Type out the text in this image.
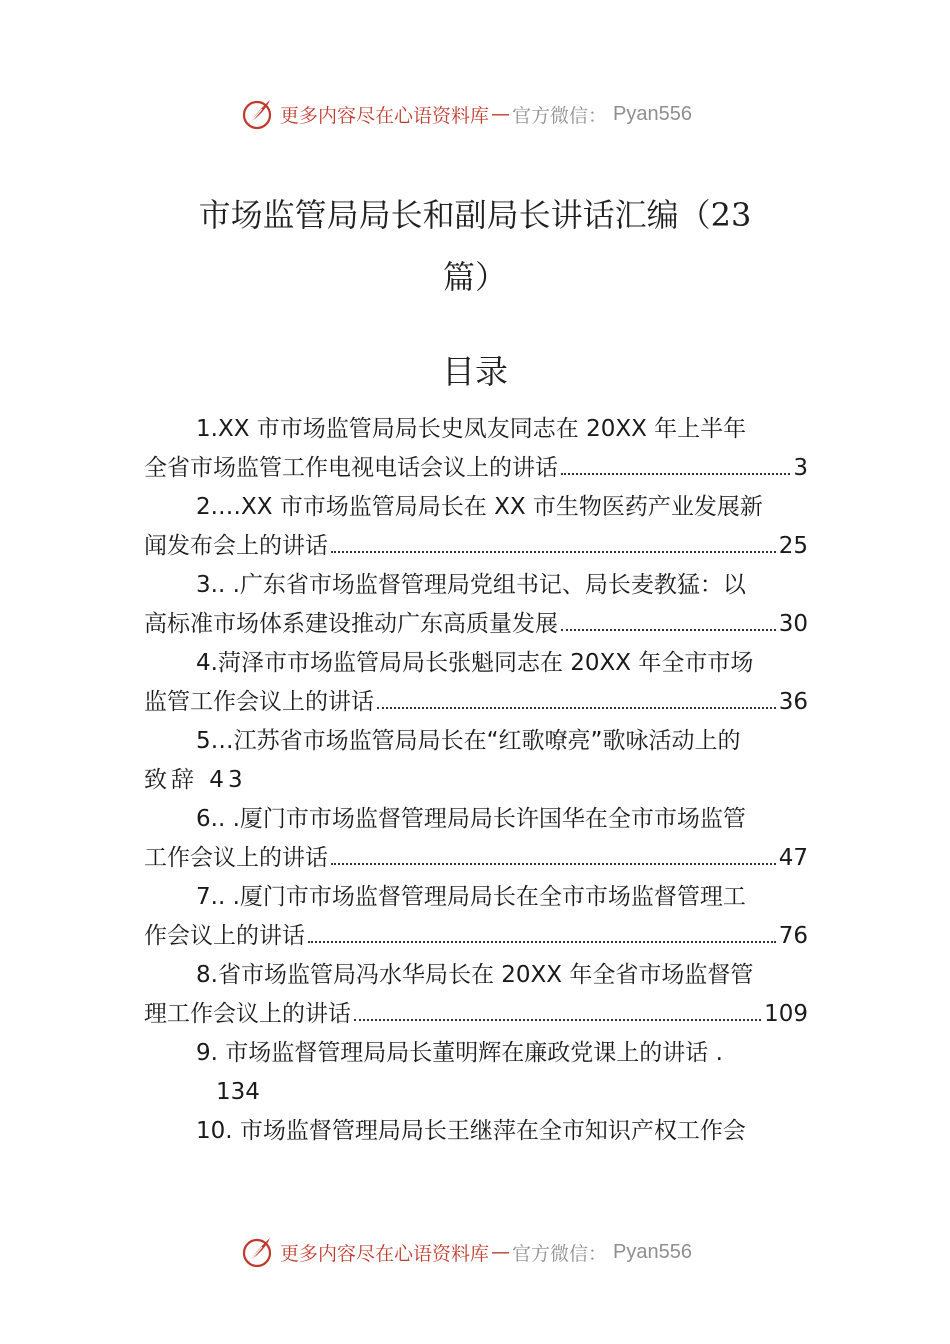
更多内容尽在心语资料库 — 官方微信： Pyan556
市场监管局局长和副局长讲话汇编（23
篇）
目录
1.XX 市市场监管局局长史凤友同志在 20XX 年上半年
全省市场监管工作电视电话会议上的讲话	3
2.…XX 市市场监管局局长在 XX 市生物医药产业发展新
闻发布会上的讲话	25
3.. .广东省市场监督管理局党组书记、局长麦教猛：以
高标准市场体系建设推动广东高质量发展	30
4.菏泽市市场监管局局长张魁同志在 20XX 年全市市场
监管工作会议上的讲话	36
5…江苏省市场监管局局长在“红歌嘹亮”歌咏活动上的
致辞 43
6.. .厦门市市场监督管理局局长许国华在全市市场监管
工作会议上的讲话	47
7.. .厦门市市场监督管理局局长在全市市场监督管理工
作会议上的讲话	76
8.省市场监管局冯水华局长在 20XX 年全省市场监督管
理工作会议上的讲话	109
9. 市场监督管理局局长董明辉在廉政党课上的讲话 .
134
10. 市场监督管理局局长王继萍在全市知识产权工作会
更多内容尽在心语资料库 — 官方微信： Pyan556
